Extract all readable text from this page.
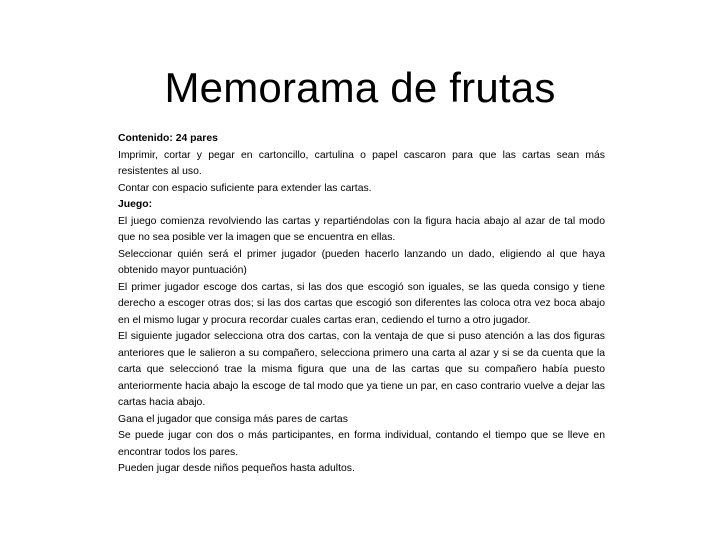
Memorama de frutas

Contenido: 24 pares

Imprimir, cortar y pegar en cartoncillo, cartulina o papel cascaron para que las cartas sean más resistentes al uso.

Contar con espacio suficiente para extender las cartas.

Juego:

El juego comienza revolviendo las cartas y repartiéndolas con la figura hacia abajo al azar de tal modo que no sea posible ver la imagen que se encuentra en ellas.

Seleccionar quién será el primer jugador (pueden hacerlo lanzando un dado, eligiendo al que haya obtenido mayor puntuación)

El primer jugador escoge dos cartas, si las dos que escogió son iguales, se las queda consigo y tiene derecho a escoger otras dos; si las dos cartas que escogió son diferentes las coloca otra vez boca abajo en el mismo lugar y procura recordar cuales cartas eran, cediendo el turno a otro jugador.

El siguiente jugador selecciona otra dos cartas, con la ventaja de que si puso atención a las dos figuras anteriores que le salieron a su compañero, selecciona primero una carta al azar y si se da cuenta que la carta que seleccionó trae la misma figura que una de las cartas que su compañero había puesto anteriormente hacia abajo la escoge de tal modo que ya tiene un par, en caso contrario vuelve a dejar las cartas hacia abajo.

Gana el jugador que consiga más pares de cartas

Se puede jugar con dos o más participantes, en forma individual, contando el tiempo que se lleve en encontrar todos los pares.

Pueden jugar desde niños pequeños hasta adultos.
